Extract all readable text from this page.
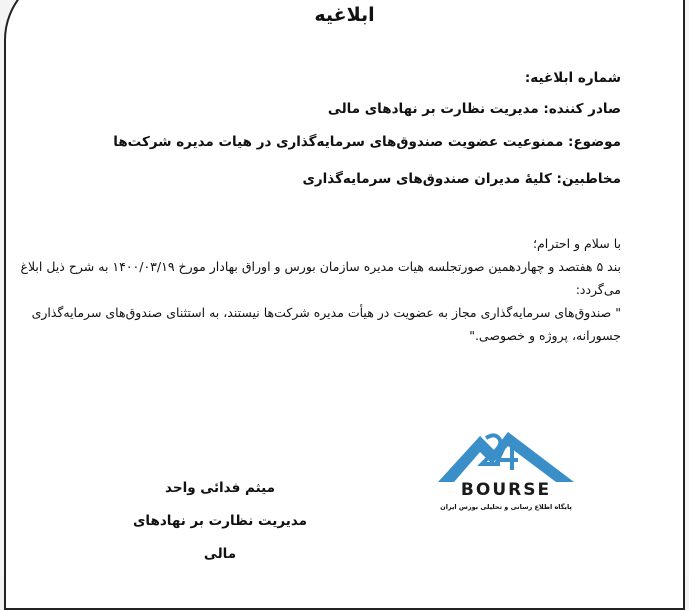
ابلاغیه
شماره ابلاغیه:
صادر کننده: مدیریت نظارت بر نهادهای مالی
موضوع: ممنوعیت عضویت صندوق‌های سرمایه‌گذاری در هیات مدیره شرکت‌ها
مخاطبین: کلیۀ مدیران صندوق‌های سرمایه‌گذاری
با سلام و احترام؛
بند ۵ هفتصد و چهاردهمین صورتجلسه هیات مدیره سازمان بورس و اوراق بهادار مورخ ۱۴۰۰/۰۳/۱۹ به شرح ذیل ابلاغ
می‌گردد:
" صندوق‌های سرمایه‌گذاری مجاز به عضویت در هیأت مدیره شرکت‌ها نیستند، به استثنای صندوق‌های سرمایه‌گذاری
جسورانه، پروژه و خصوصی."
BOURSE
پایگاه اطلاع رسانی و تحلیلی بورس ایران
میثم فدائی واحد
مدیریت نظارت بر نهادهای مالی
